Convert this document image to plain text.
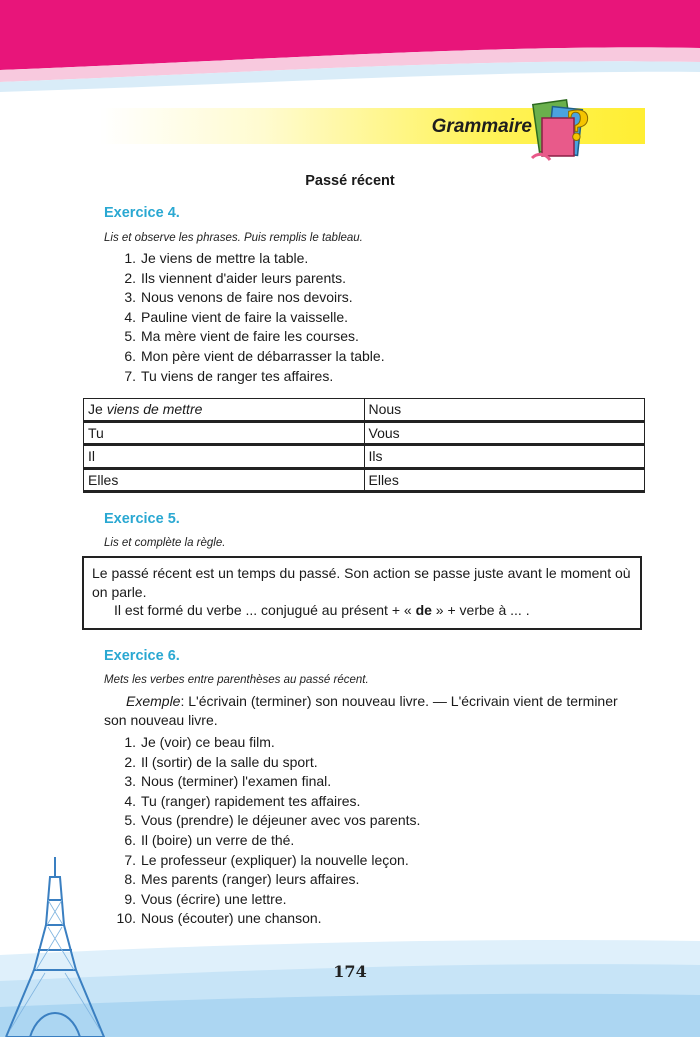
Grammaire ?
Passé récent
Exercice 4.
Lis et observe les phrases. Puis remplis le tableau.
1. Je viens de mettre la table.
2. Ils viennent d'aider leurs parents.
3. Nous venons de faire nos devoirs.
4. Pauline vient de faire la vaisselle.
5. Ma mère vient de faire les courses.
6. Mon père vient de débarrasser la table.
7. Tu viens de ranger tes affaires.
Je viens de mettre	Nous
Tu	Vous
Il	Ils
Elles	Elles
Exercice 5.
Lis et complète la règle.

Le passé récent est un temps du passé. Son action se passe juste avant le moment où on parle.

Il est formé du verbe ... conjugué au présent + « de » + verbe à ... .

Exercice 6.
Mets les verbes entre parenthèses au passé récent.
Exemple: L'écrivain (terminer) son nouveau livre. — L'écrivain vient de terminer son nouveau livre.
1. Je (voir) ce beau film.
2. Il (sortir) de la salle du sport.
3. Nous (terminer) l'examen final.
4. Tu (ranger) rapidement tes affaires.
5. Vous (prendre) le déjeuner avec vos parents.
6. Il (boire) un verre de thé.
7. Le professeur (expliquer) la nouvelle leçon.
8. Mes parents (ranger) leurs affaires.
9. Vous (écrire) une lettre.
10. Nous (écouter) une chanson.
174
